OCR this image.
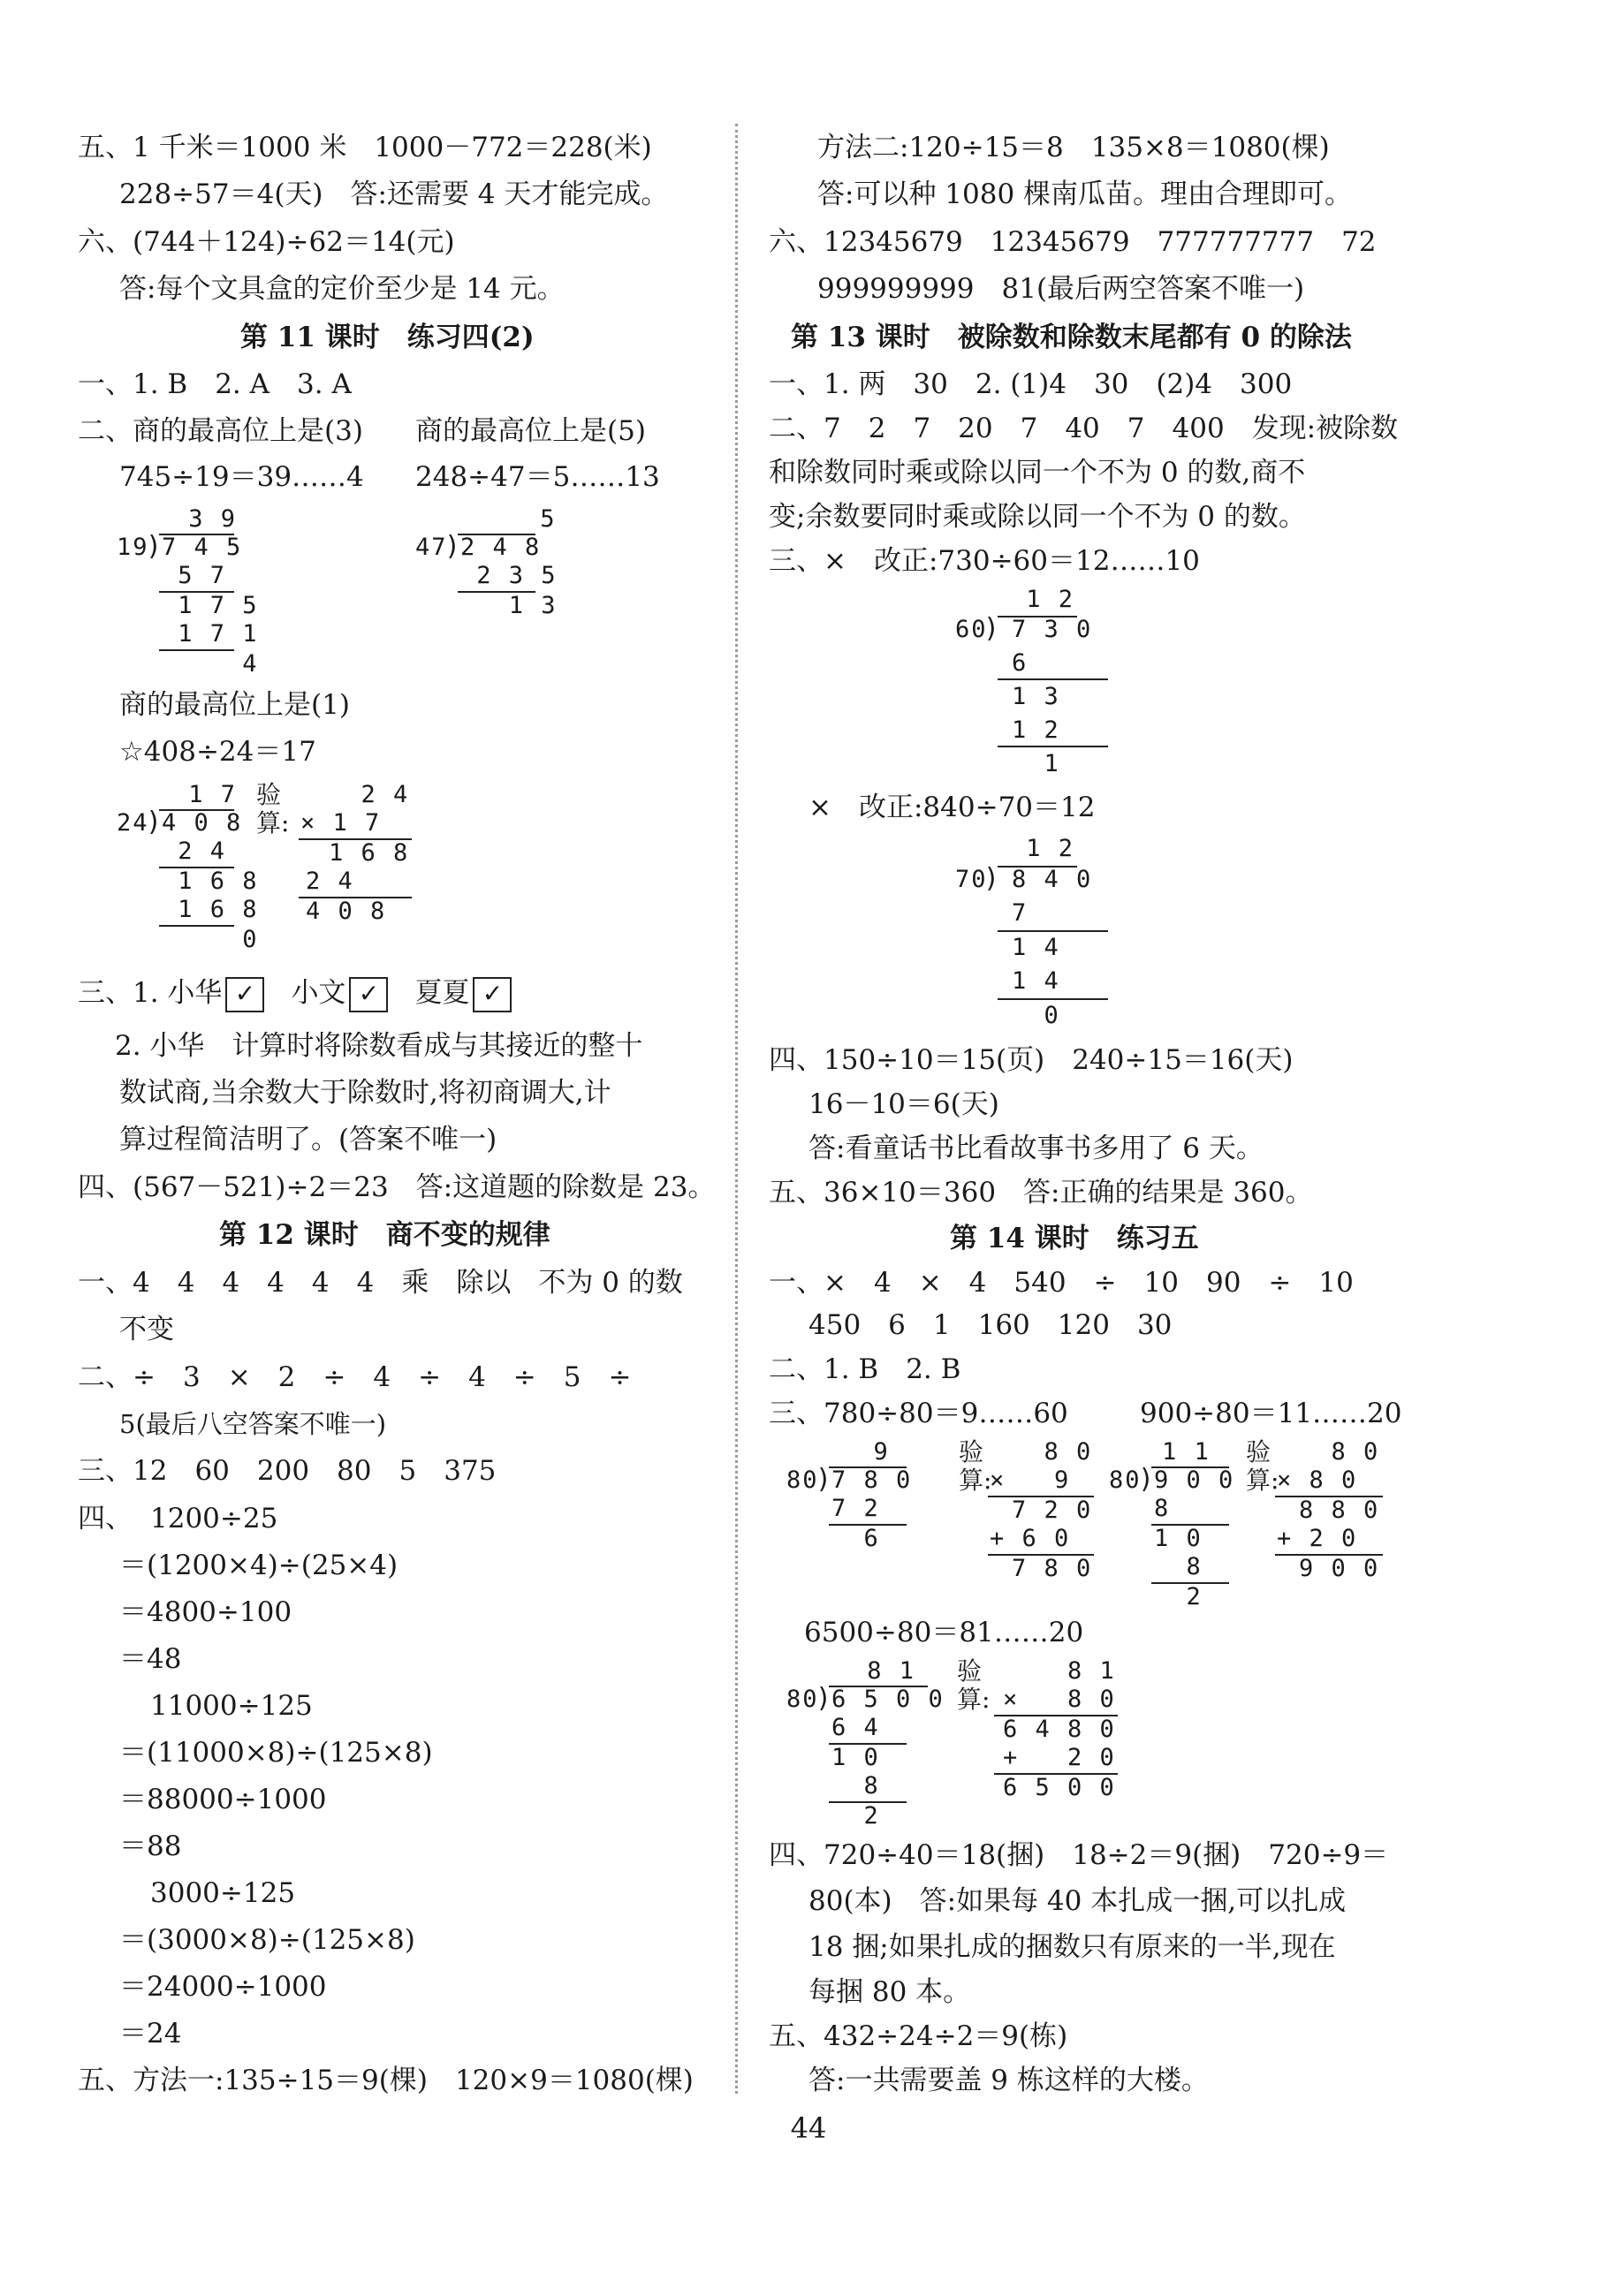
五、1 千米＝1000 米　1000－772＝228(米)
228÷57＝4(天)　答:还需要 4 天才能完成。
六、(744＋124)÷62＝14(元)
答:每个文具盒的定价至少是 14 元。
第 11 课时　练习四(2)
一、1. B　2. A　3. A
二、商的最高位上是(3) 商的最高位上是(5)
745÷19＝39……4 248÷47＝5……13
3 9
19
) 7 4 5
5 7
1 7 5
1 7 1
4
5
47
) 2 4 8
2 3 5
1 3
商的最高位上是(1)
☆408÷24＝17
1 7
24
) 4 0 8
2 4
1 6 8
1 6 8
0
验
算:
2 4
× 1 7
1 6 8
2 4
4 0 8
三、1. 小华 ✓ 小文 ✓ 夏夏 ✓
2. 小华　计算时将除数看成与其接近的整十
数试商,当余数大于除数时,将初商调大,计
算过程简洁明了。(答案不唯一)
四、(567－521)÷2＝23　答:这道题的除数是 23。
第 12 课时　商不变的规律
一、4　4　4　4　4　4　乘　除以　不为 0 的数
不变
二、÷　3　×　2　÷　4　÷　4　÷　5　÷
5(最后八空答案不唯一)
三、12　60　200　80　5　375
四、 1200÷25
＝(1200×4)÷(25×4)
＝4800÷100
＝48
11000÷125
＝(11000×8)÷(125×8)
＝88000÷1000
＝88
3000÷125
＝(3000×8)÷(125×8)
＝24000÷1000
＝24
五、方法一:135÷15＝9(棵)　120×9＝1080(棵)
方法二:120÷15＝8　135×8＝1080(棵)
答:可以种 1080 棵南瓜苗。理由合理即可。
六、12345679　12345679　777777777　72
999999999　81(最后两空答案不唯一)
第 13 课时　被除数和除数末尾都有 0 的除法
一、1. 两　30　2. (1)4　30　(2)4　300
二、7　2　7　20　7　40　7　400　发现:被除数
和除数同时乘或除以同一个不为 0 的数,商不
变;余数要同时乘或除以同一个不为 0 的数。
三、×　改正:730÷60＝12……10
1 2
60
) 7 3 0
6
1 3
1 2
1
×　改正:840÷70＝12
1 2
70
) 8 4 0
7
1 4
1 4
0
四、150÷10＝15(页)　240÷15＝16(天)
16－10＝6(天)
答:看童话书比看故事书多用了 6 天。
五、36×10＝360　答:正确的结果是 360。
第 14 课时　练习五
一、×　4　×　4　540　÷　10　90　÷　10
450　6　1　160　120　30
二、1. B　2. B
三、780÷80＝9……60	900÷80＝11……20
9
80
) 7 8 0
7 2
6
验
算:
8 0
×   9
7 2 0
+ 6 0
7 8 0
1 1
80
) 9 0 0
8
1 0
8
2
验
算:
8 0
× 8 0
8 8 0
+ 2 0
9 0 0
6500÷80＝81……20
8 1
80
) 6 5 0 0
6 4
1 0
8
2
验
算:
8 1
×   8 0
6 4 8 0
+   2 0
6 5 0 0
四、720÷40＝18(捆)　18÷2＝9(捆)　720÷9＝
80(本)　答:如果每 40 本扎成一捆,可以扎成
18 捆;如果扎成的捆数只有原来的一半,现在
每捆 80 本。
五、432÷24÷2＝9(栋)
答:一共需要盖 9 栋这样的大楼。
44
